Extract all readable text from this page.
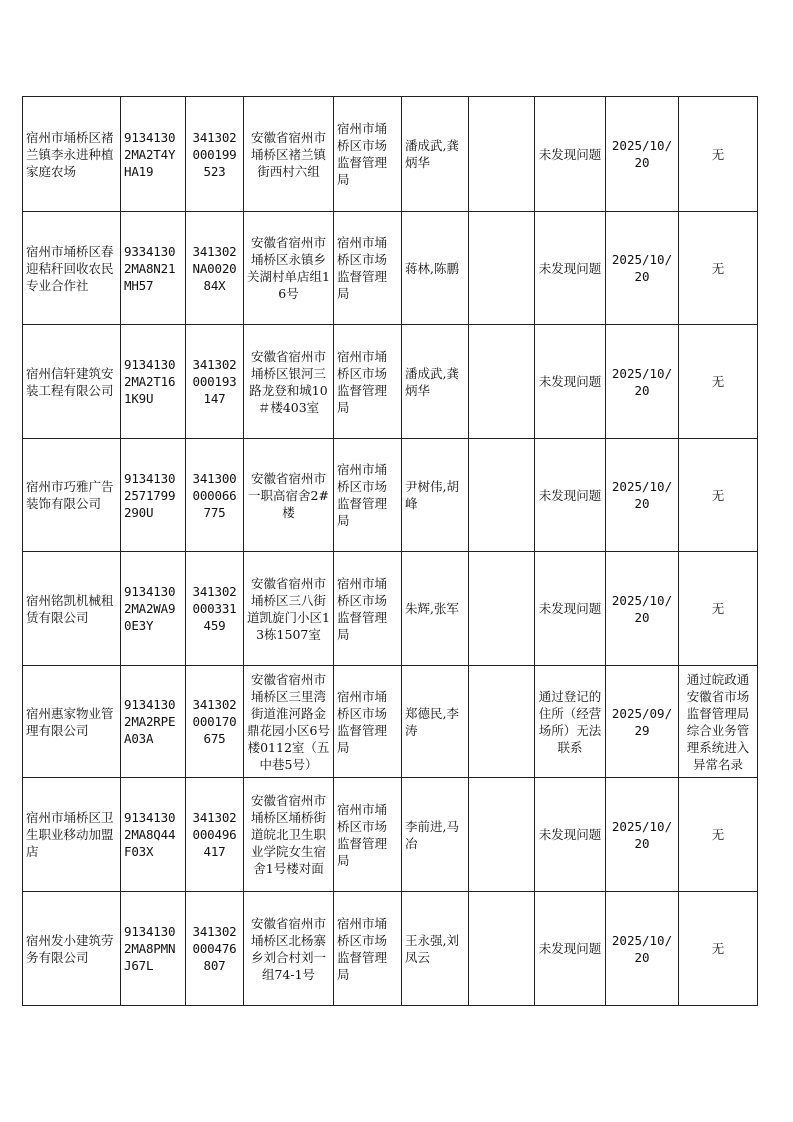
宿州市埇桥区褚兰镇李永进种植家庭农场	91341302MA2T4YHA19	341302000199523	安徽省宿州市埇桥区褚兰镇街西村六组	宿州市埇桥区市场监督管理局	潘成武,龚炳华		未发现问题	2025/10/20	无
宿州市埇桥区春迎秸秆回收农民专业合作社	93341302MA8N21MH57	341302NA002084X	安徽省宿州市埇桥区永镇乡关湖村单店组16号	宿州市埇桥区市场监督管理局	蒋林,陈鹏		未发现问题	2025/10/20	无
宿州信轩建筑安装工程有限公司	91341302MA2T161K9U	341302000193147	安徽省宿州市埇桥区银河三路龙登和城10＃楼403室	宿州市埇桥区市场监督管理局	潘成武,龚炳华		未发现问题	2025/10/20	无
宿州市巧雅广告装饰有限公司	91341302571799290U	341300000066775	安徽省宿州市一职高宿舍2#楼	宿州市埇桥区市场监督管理局	尹树伟,胡峰		未发现问题	2025/10/20	无
宿州铭凯机械租赁有限公司	91341302MA2WA90E3Y	341302000331459	安徽省宿州市埇桥区三八街道凯旋门小区13栋1507室	宿州市埇桥区市场监督管理局	朱辉,张军		未发现问题	2025/10/20	无
宿州惠家物业管理有限公司	91341302MA2RPEA03A	341302000170675	安徽省宿州市埇桥区三里湾街道淮河路金鼎花园小区6号楼0112室（五中巷5号）	宿州市埇桥区市场监督管理局	郑德民,李涛		通过登记的住所（经营场所）无法联系	2025/09/29	通过皖政通安徽省市场监督管理局综合业务管理系统进入异常名录
宿州市埇桥区卫生职业移动加盟店	91341302MA8Q44F03X	341302000496417	安徽省宿州市埇桥区埇桥街道皖北卫生职业学院女生宿舍1号楼对面	宿州市埇桥区市场监督管理局	李前进,马冶		未发现问题	2025/10/20	无
宿州发小建筑劳务有限公司	91341302MA8PMNJ67L	341302000476807	安徽省宿州市埇桥区北杨寨乡刘合村刘一组74-1号	宿州市埇桥区市场监督管理局	王永强,刘凤云		未发现问题	2025/10/20	无
